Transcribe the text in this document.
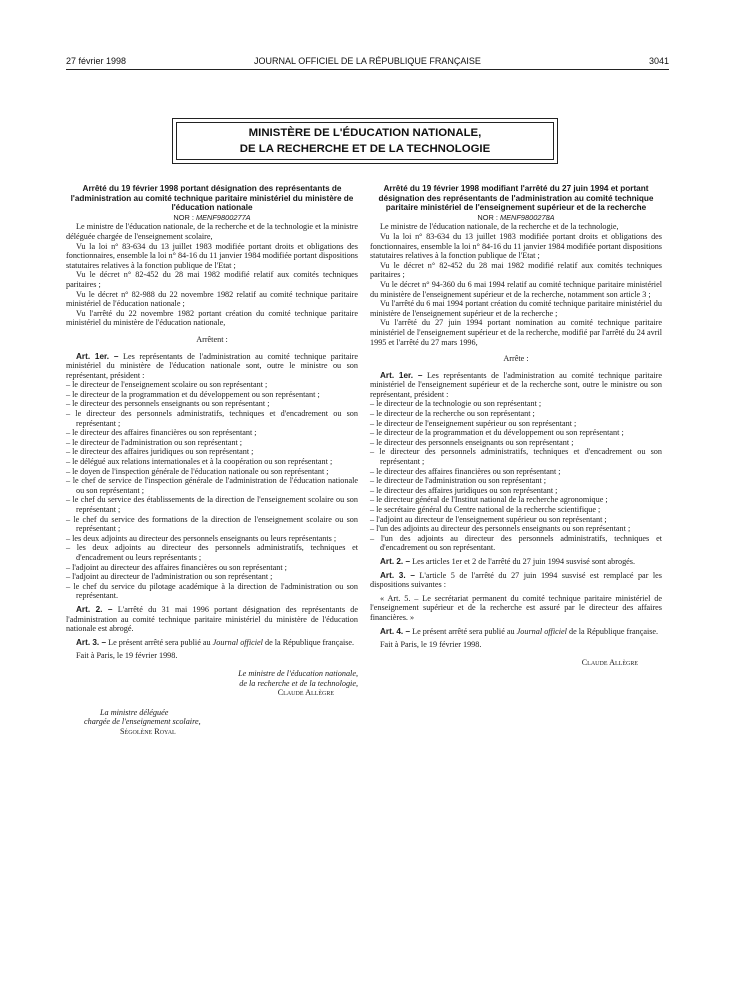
27 février 1998	JOURNAL OFFICIEL DE LA RÉPUBLIQUE FRANÇAISE	3041
MINISTÈRE DE L'ÉDUCATION NATIONALE,
DE LA RECHERCHE ET DE LA TECHNOLOGIE

Arrêté du 19 février 1998 portant désignation des représentants de l'administration au comité technique paritaire ministériel du ministère de l'éducation nationale

NOR : MENF9800277A

Le ministre de l'éducation nationale, de la recherche et de la technologie et la ministre déléguée chargée de l'enseignement scolaire,

Vu la loi n° 83-634 du 13 juillet 1983 modifiée portant droits et obligations des fonctionnaires, ensemble la loi n° 84-16 du 11 janvier 1984 modifiée portant dispositions statutaires relatives à la fonction publique de l'Etat ;

Vu le décret n° 82-452 du 28 mai 1982 modifié relatif aux comités techniques paritaires ;

Vu le décret n° 82-988 du 22 novembre 1982 relatif au comité technique paritaire ministériel de l'éducation nationale ;

Vu l'arrêté du 22 novembre 1982 portant création du comité technique paritaire ministériel du ministère de l'éducation nationale,

Arrêtent :

Art. 1er. – Les représentants de l'administration au comité technique paritaire ministériel du ministère de l'éducation nationale sont, outre le ministre ou son représentant, président :

– le directeur de l'enseignement scolaire ou son représentant ;
– le directeur de la programmation et du développement ou son représentant ;
– le directeur des personnels enseignants ou son représentant ;
– le directeur des personnels administratifs, techniques et d'encadrement ou son représentant ;
– le directeur des affaires financières ou son représentant ;
– le directeur de l'administration ou son représentant ;
– le directeur des affaires juridiques ou son représentant ;
– le délégué aux relations internationales et à la coopération ou son représentant ;
– le doyen de l'inspection générale de l'éducation nationale ou son représentant ;
– le chef de service de l'inspection générale de l'administration de l'éducation nationale ou son représentant ;
– le chef du service des établissements de la direction de l'enseignement scolaire ou son représentant ;
– le chef du service des formations de la direction de l'enseignement scolaire ou son représentant ;
– les deux adjoints au directeur des personnels enseignants ou leurs représentants ;
– les deux adjoints au directeur des personnels administratifs, techniques et d'encadrement ou leurs représentants ;
– l'adjoint au directeur des affaires financières ou son représentant ;
– l'adjoint au directeur de l'administration ou son représentant ;
– le chef du service du pilotage académique à la direction de l'administration ou son représentant.

Art. 2. – L'arrêté du 31 mai 1996 portant désignation des représentants de l'administration au comité technique paritaire ministériel du ministère de l'éducation nationale est abrogé.

Art. 3. – Le présent arrêté sera publié au Journal officiel de la République française.

Fait à Paris, le 19 février 1998.

Le ministre de l'éducation nationale,

de la recherche et de la technologie,

Claude Allègre

La ministre déléguée

chargée de l'enseignement scolaire,

Ségolène Royal

Arrêté du 19 février 1998 modifiant l'arrêté du 27 juin 1994 et portant désignation des représentants de l'administration au comité technique paritaire ministériel de l'enseignement supérieur et de la recherche

NOR : MENF9800278A

Le ministre de l'éducation nationale, de la recherche et de la technologie,

Vu la loi n° 83-634 du 13 juillet 1983 modifiée portant droits et obligations des fonctionnaires, ensemble la loi n° 84-16 du 11 janvier 1984 modifiée portant dispositions statutaires relatives à la fonction publique de l'Etat ;

Vu le décret n° 82-452 du 28 mai 1982 modifié relatif aux comités techniques paritaires ;

Vu le décret n° 94-360 du 6 mai 1994 relatif au comité technique paritaire ministériel du ministère de l'enseignement supérieur et de la recherche, notamment son article 3 ;

Vu l'arrêté du 6 mai 1994 portant création du comité technique paritaire ministériel du ministère de l'enseignement supérieur et de la recherche ;

Vu l'arrêté du 27 juin 1994 portant nomination au comité technique paritaire ministériel de l'enseignement supérieur et de la recherche, modifié par l'arrêté du 24 avril 1995 et l'arrêté du 27 mars 1996,

Arrête :

Art. 1er. – Les représentants de l'administration au comité technique paritaire ministériel de l'enseignement supérieur et de la recherche sont, outre le ministre ou son représentant, président :

– le directeur de la technologie ou son représentant ;
– le directeur de la recherche ou son représentant ;
– le directeur de l'enseignement supérieur ou son représentant ;
– le directeur de la programmation et du développement ou son représentant ;
– le directeur des personnels enseignants ou son représentant ;
– le directeur des personnels administratifs, techniques et d'encadrement ou son représentant ;
– le directeur des affaires financières ou son représentant ;
– le directeur de l'administration ou son représentant ;
– le directeur des affaires juridiques ou son représentant ;
– le directeur général de l'Institut national de la recherche agronomique ;
– le secrétaire général du Centre national de la recherche scientifique ;
– l'adjoint au directeur de l'enseignement supérieur ou son représentant ;
– l'un des adjoints au directeur des personnels enseignants ou son représentant ;
– l'un des adjoints au directeur des personnels administratifs, techniques et d'encadrement ou son représentant.

Art. 2. – Les articles 1er et 2 de l'arrêté du 27 juin 1994 susvisé sont abrogés.

Art. 3. – L'article 5 de l'arrêté du 27 juin 1994 susvisé est remplacé par les dispositions suivantes :

« Art. 5. – Le secrétariat permanent du comité technique paritaire ministériel de l'enseignement supérieur et de la recherche est assuré par le directeur des affaires financières. »

Art. 4. – Le présent arrêté sera publié au Journal officiel de la République française.

Fait à Paris, le 19 février 1998.

Claude Allègre
